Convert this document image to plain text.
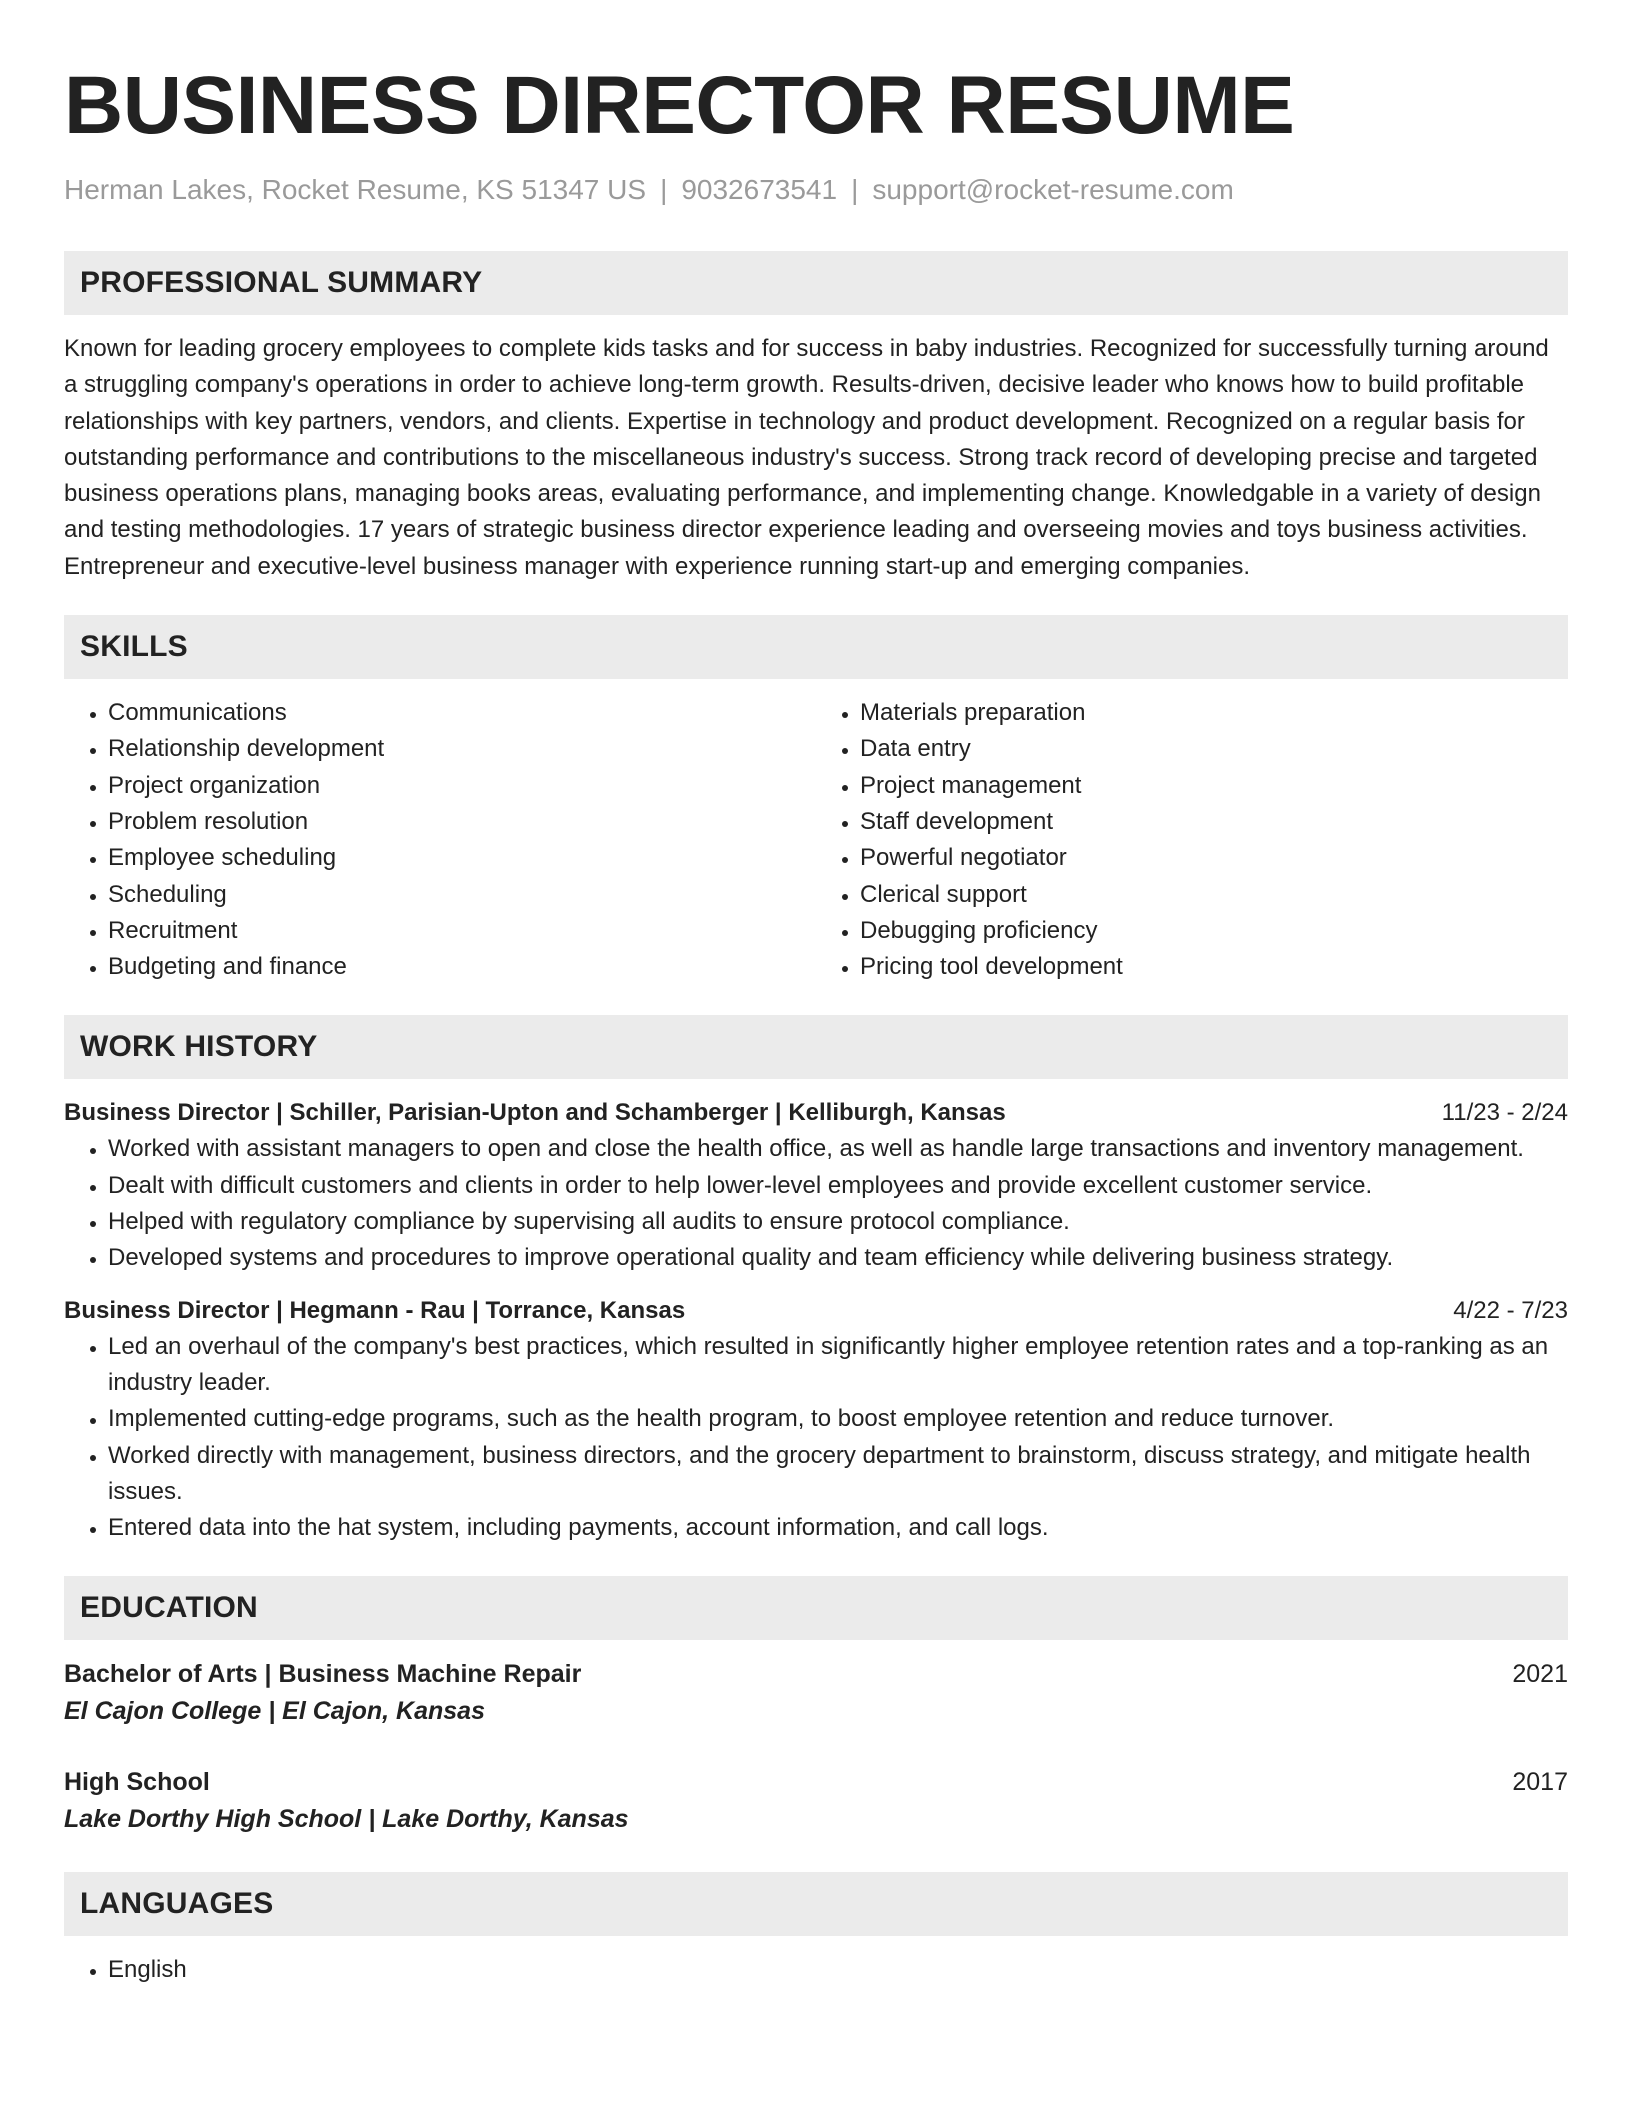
BUSINESS DIRECTOR RESUME
Herman Lakes, Rocket Resume, KS 51347 US | 9032673541 | support@rocket-resume.com
PROFESSIONAL SUMMARY

Known for leading grocery employees to complete kids tasks and for success in baby industries. Recognized for successfully turning around a struggling company's operations in order to achieve long-term growth. Results-driven, decisive leader who knows how to build profitable relationships with key partners, vendors, and clients. Expertise in technology and product development. Recognized on a regular basis for outstanding performance and contributions to the miscellaneous industry's success. Strong track record of developing precise and targeted business operations plans, managing books areas, evaluating performance, and implementing change. Knowledgable in a variety of design and testing methodologies. 17 years of strategic business director experience leading and overseeing movies and toys business activities. Entrepreneur and executive-level business manager with experience running start-up and emerging companies.

SKILLS
• Communications
• Relationship development
• Project organization
• Problem resolution
• Employee scheduling
• Scheduling
• Recruitment
• Budgeting and finance
• Materials preparation
• Data entry
• Project management
• Staff development
• Powerful negotiator
• Clerical support
• Debugging proficiency
• Pricing tool development
WORK HISTORY
Business Director | Schiller, Parisian-Upton and Schamberger | Kelliburgh, Kansas	11/23 - 2/24
• Worked with assistant managers to open and close the health office, as well as handle large transactions and inventory management.
• Dealt with difficult customers and clients in order to help lower-level employees and provide excellent customer service.
• Helped with regulatory compliance by supervising all audits to ensure protocol compliance.
• Developed systems and procedures to improve operational quality and team efficiency while delivering business strategy.
Business Director | Hegmann - Rau | Torrance, Kansas	4/22 - 7/23
• Led an overhaul of the company's best practices, which resulted in significantly higher employee retention rates and a top-ranking as an industry leader.
• Implemented cutting-edge programs, such as the health program, to boost employee retention and reduce turnover.
• Worked directly with management, business directors, and the grocery department to brainstorm, discuss strategy, and mitigate health issues.
• Entered data into the hat system, including payments, account information, and call logs.
EDUCATION
Bachelor of Arts | Business Machine Repair	2021
El Cajon College | El Cajon, Kansas
High School	2017
Lake Dorthy High School | Lake Dorthy, Kansas
LANGUAGES
• English
